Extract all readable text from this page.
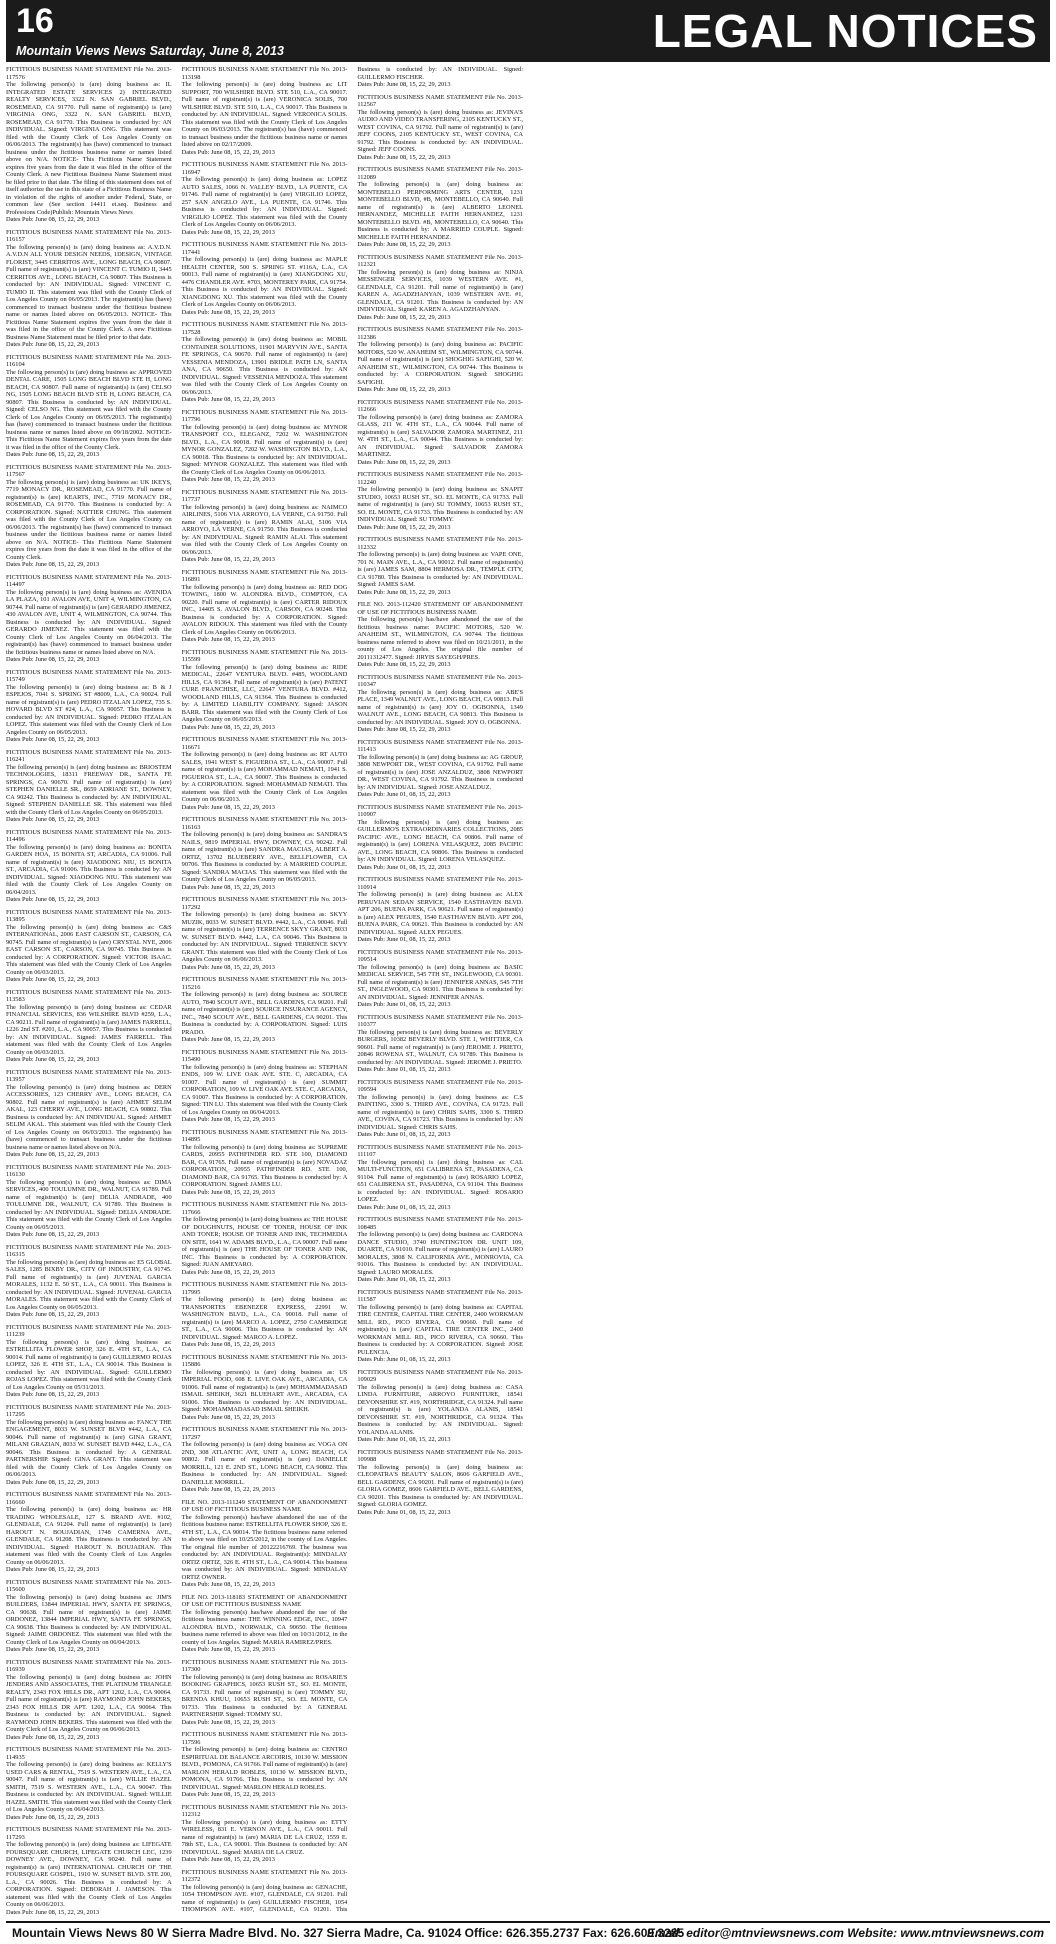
16
Mountain Views News Saturday, June 8, 2013	LEGAL NOTICES
FICTITIOUS BUSINESS NAME STATEMENT File No. 2013-117576
The following person(s) is (are) doing business as: IL INTEGRATED ESTATE SERVICES 2) INTEGRATED REALTY SERVICES, 3322 N. SAN GABRIEL BLVD., ROSEMEAD, CA 91770. Full name of registrant(s) is (are) VIRGINIA ONG, 3322 N. SAN GABRIEL BLVD, ROSEMEAD, CA 91770. This Business is conducted by: AN INDIVIDUAL. Signed: VIRGINIA ONG. This statement was filed with the County Clerk of Los Angeles County on 06/06/2013. The registrant(s) has (have) commenced to transact business under the fictitious business name or names listed above on N/A. NOTICE- This Fictitious Name Statement expires five years from the date it was filed in the office of the County Clerk. A new Fictitious Business Name Statement must be filed prior to that date. The filing of this statement does not of itself authorize the use in this state of a Fictitious Business Name in violation of the rights of another under Federal, State, or common law (See section 14411 et.seq. Business and Professions Code)Publish: Mountain Views News
Dates Pub: June 08, 15, 22, 29, 2013
FICTITIOUS BUSINESS NAME STATEMENT File No. 2013-116157
The following person(s) is (are) doing business as: A.V.D.N. A.V.D.N ALL YOUR DESIGN NEEDS, 1DESIGN, VINTAGE FLORIST, 3445 CERRITOS AVE., LONG BEACH, CA 90807. Full name of registrant(s) is (are) VINCENT C. TUMIO II, 3445 CERRITOS AVE., LONG BEACH, CA 90807. This Business is conducted by: AN INDIVIDUAL. Signed: VINCENT C. TUMIO II. This statement was filed with the County Clerk of Los Angeles County on 06/05/2013. The registrant(s) has (have) commenced to transact business under the fictitious business name or names listed above on 06/05/2013. NOTICE- This Fictitious Name Statement expires five years from the date it was filed in the office of the County Clerk. A new Fictitious Business Name Statement must be filed prior to that date.
Dates Pub: June 08, 15, 22, 29, 2013
FICTITIOUS BUSINESS NAME STATEMENT File No. 2013-116104
The following person(s) is (are) doing business as: APPROVED DENTAL CARE, 1505 LONG BEACH BLVD STE H, LONG BEACH, CA 90807. Full name of registrant(s) is (are) CELSO NG, 1505 LONG BEACH BLVD STE H, LONG BEACH, CA 90807. This Business is conducted by: AN INDIVIDUAL. Signed: CELSO NG. This statement was filed with the County Clerk of Los Angeles County on 06/05/2013. The registrant(s) has (have) commenced to transact business under the fictitious business name or names listed above on 09/18/2002. NOTICE- This Fictitious Name Statement expires five years from the date it was filed in the office of the County Clerk.
Dates Pub: June 08, 15, 22, 29, 2013
FICTITIOUS BUSINESS NAME STATEMENT File No. 2013-117567
The following person(s) is (are) doing business as: UK IKEYS, 7719 MONACY DR., ROSEMEAD, CA 91770. Full name of registrant(s) is (are) KEARTS, INC., 7719 MONACY DR., ROSEMEAD, CA 91770. This Business is conducted by: A CORPORATION. Signed: NATTIER CHUNG. This statement was filed with the County Clerk of Los Angeles County on 06/06/2013. The registrant(s) has (have) commenced to transact business under the fictitious business name or names listed above on N/A. NOTICE- This Fictitious Name Statement expires five years from the date it was filed in the office of the County Clerk.
Dates Pub: June 08, 15, 22, 29, 2013
FICTITIOUS BUSINESS NAME STATEMENT File No. 2013-114497
The following person(s) is (are) doing business as: AVENIDA LA PLAZA, 101 AVALON AVE, UNIT 4, WILMINGTON, CA 90744. Full name of registrant(s) is (are) GERARDO JIMENEZ, 430 AVALON AVE, UNIT 4, WILMINGTON, CA 90744. This Business is conducted by: AN INDIVIDUAL. Signed: GERARDO JIMENEZ. This statement was filed with the County Clerk of Los Angeles County on 06/04/2013. The registrant(s) has (have) commenced to transact business under the fictitious business name or names listed above on N/A.
Dates Pub: June 08, 15, 22, 29, 2013
FICTITIOUS BUSINESS NAME STATEMENT File No. 2013-115749
The following person(s) is (are) doing business as: B & J ESPEJOS, 7041 S. SPRING ST #8009, L.A., CA 90024. Full name of registrant(s) is (are) PEDRO ITZALAN LOPEZ, 735 S. HOVARD BLVD ST #24, L.A., CA 90057. This Business is conducted by: AN INDIVIDUAL. Signed: PEDRO ITZALAN LOPEZ. This statement was filed with the County Clerk of Los Angeles County on 06/05/2013.
Dates Pub: June 08, 15, 22, 29, 2013
FICTITIOUS BUSINESS NAME STATEMENT File No. 2013-116241
The following person(s) is (are) doing business as: BRIOSTEM TECHNOLOGIES, 18311 FREEWAY DR., SANTA FE SPRINGS, CA 90670. Full name of registrant(s) is (are) STEPHEN DANIELLE SR., 8659 ADRIANE ST., DOWNEY, CA 90242. This Business is conducted by: AN INDIVIDUAL. Signed: STEPHEN DANIELLE SR. This statement was filed with the County Clerk of Los Angeles County on 06/05/2013.
Dates Pub: June 08, 15, 22, 29, 2013
FICTITIOUS BUSINESS NAME STATEMENT File No. 2013-114496
The following person(s) is (are) doing business as: BONITA GARDEN HOA, 15 BONITA ST, ARCADIA, CA 91006. Full name of registrant(s) is (are) XIAODONG NIU, 15 BONITA ST., ARCADIA, CA 91006. This Business is conducted by: AN INDIVIDUAL. Signed: XIAODONG NIU. This statement was filed with the County Clerk of Los Angeles County on 06/04/2013.
Dates Pub: June 08, 15, 22, 29, 2013
FICTITIOUS BUSINESS NAME STATEMENT File No. 2013-113895
The following person(s) is (are) doing business as: C&S INTERNATIONAL, 2006 EAST CARSON ST., CARSON, CA 90745. Full name of registrant(s) is (are) CRYSTAL NYE, 2006 EAST CARSON ST., CARSON, CA 90745. This Business is conducted by: A CORPORATION. Signed: VICTOR ISAAC. This statement was filed with the County Clerk of Los Angeles County on 06/03/2013.
Dates Pub: June 08, 15, 22, 29, 2013
FICTITIOUS BUSINESS NAME STATEMENT File No. 2013-113583
The following person(s) is (are) doing business as: CEDAR FINANCIAL SERVICES, 836 WILSHIRE BLVD #259, L.A., CA 90211. Full name of registrant(s) is (are) JAMES FARRELL, 1226 2nd ST. #201, L.A., CA 90057. This Business is conducted by: AN INDIVIDUAL. Signed: JAMES FARRELL. This statement was filed with the County Clerk of Los Angeles County on 06/03/2013.
Dates Pub: June 08, 15, 22, 29, 2013
FICTITIOUS BUSINESS NAME STATEMENT File No. 2013-113957
The following person(s) is (are) doing business as: DERN ACCESSORIES, 123 CHERRY AVE., LONG BEACH, CA 90802. Full name of registrant(s) is (are) AHMET SELIM AKAL, 123 CHERRY AVE., LONG BEACH, CA 90802. This Business is conducted by: AN INDIVIDUAL. Signed: AHMET SELIM AKAL. This statement was filed with the County Clerk of Los Angeles County on 06/03/2013. The registrant(s) has (have) commenced to transact business under the fictitious business name or names listed above on N/A.
Dates Pub: June 08, 15, 22, 29, 2013
FICTITIOUS BUSINESS NAME STATEMENT File No. 2013-116130
The following person(s) is (are) doing business as: DIMA SERVICES, 400 TOULUMNE DR., WALNUT, CA 91789. Full name of registrant(s) is (are) DELIA ANDRADE, 400 TOULUMNE DR., WALNUT, CA 91789. This Business is conducted by: AN INDIVIDUAL. Signed: DELIA ANDRADE. This statement was filed with the County Clerk of Los Angeles County on 06/05/2013.
Dates Pub: June 08, 15, 22, 29, 2013
FICTITIOUS BUSINESS NAME STATEMENT File No. 2013-116315
The following person(s) is (are) doing business as: E5 GLOBAL SALES, 1285 BIXBY DR., CITY OF INDUSTRY, CA 91745. Full name of registrant(s) is (are) JUVENAL GARCIA MORALES, 1132 E. 50 ST., L.A., CA 90011. This Business is conducted by: AN INDIVIDUAL. Signed: JUVENAL GARCIA MORALES. This statement was filed with the County Clerk of Los Angeles County on 06/05/2013.
Dates Pub: June 08, 15, 22, 29, 2013
FICTITIOUS BUSINESS NAME STATEMENT File No. 2013-111239
The following person(s) is (are) doing business as: ESTRELLITA FLOWER SHOP, 326 E. 4TH ST., L.A., CA 90014. Full name of registrant(s) is (are) GUILLERMO ROJAS LOPEZ, 326 E. 4TH ST., L.A., CA 90014. This Business is conducted by: AN INDIVIDUAL. Signed: GUILLERMO ROJAS LOPEZ. This statement was filed with the County Clerk of Los Angeles County on 05/31/2013.
Dates Pub: June 08, 15, 22, 29, 2013
FICTITIOUS BUSINESS NAME STATEMENT File No. 2013-117295
The following person(s) is (are) doing business as: FANCY THE ENGAGEMENT, 8033 W. SUNSET BLVD #442, L.A., CA 90046. Full name of registrant(s) is (are) GINA GRANT, MILANI GRAZIAN, 8033 W. SUNSET BLVD #442, L.A., CA 90046. This Business is conducted by: A GENERAL PARTNERSHIP. Signed: GINA GRANT. This statement was filed with the County Clerk of Los Angeles County on 06/06/2013.
Dates Pub: June 08, 15, 22, 29, 2013
FICTITIOUS BUSINESS NAME STATEMENT File No. 2013-116660
The following person(s) is (are) doing business as: HR TRADING WHOLESALE, 127 S. BRAND AVE. #102, GLENDALE, CA 91204. Full name of registrant(s) is (are) HAROUT N. BOUJADIAN, 1748 CAMERNA AVE., GLENDALE, CA 91208. This Business is conducted by: AN INDIVIDUAL. Signed: HAROUT N. BOUJADIAN. This statement was filed with the County Clerk of Los Angeles County on 06/06/2013.
Dates Pub: June 08, 15, 22, 29, 2013
FICTITIOUS BUSINESS NAME STATEMENT File No. 2013-115600
The following person(s) is (are) doing business as: JIM'S BUILDERS, 13844 IMPERIAL HWY, SANTA FE SPRINGS, CA 90638. Full name of registrant(s) is (are) JAIME ORDONEZ, 13844 IMPERIAL HWY, SANTA FE SPRINGS, CA 90638. This Business is conducted by: AN INDIVIDUAL. Signed: JAIME ORDONEZ. This statement was filed with the County Clerk of Los Angeles County on 06/04/2013.
Dates Pub: June 08, 15, 22, 29, 2013
FICTITIOUS BUSINESS NAME STATEMENT File No. 2013-116939
The following person(s) is (are) doing business as: JOHN JENDERS AND ASSOCIATES, THE PLATINUM TRIANGLE REALTY, 2343 FOX HILLS DR., APT 1202, L.A., CA 90064. Full name of registrant(s) is (are) RAYMOND JOHN BEKERS, 2343 FOX HILLS DR APT. 1202, L.A., CA 90064. This Business is conducted by: AN INDIVIDUAL. Signed: RAYMOND JOHN BEKERS. This statement was filed with the County Clerk of Los Angeles County on 06/06/2013.
Dates Pub: June 08, 15, 22, 29, 2013
FICTITIOUS BUSINESS NAME STATEMENT File No. 2013-114935
The following person(s) is (are) doing business as: KELLY'S USED CARS & RENTAL, 7519 S. WESTERN AVE., L.A., CA 90047. Full name of registrant(s) is (are) WILLIE HAZEL SMITH, 7519 S. WESTERN AVE., L.A., CA 90047. This Business is conducted by: AN INDIVIDUAL. Signed: WILLIE HAZEL SMITH. This statement was filed with the County Clerk of Los Angeles County on 06/04/2013.
Dates Pub: June 08, 15, 22, 29, 2013
FICTITIOUS BUSINESS NAME STATEMENT File No. 2013-117293
The following person(s) is (are) doing business as: LIFEGATE FOURSQUARE CHURCH, LIFEGATE CHURCH LEC, 1239 DOWNEY AVE., DOWNEY, CA 90240. Full name of registrant(s) is (are) INTERNATIONAL CHURCH OF THE FOURSQUARE GOSPEL, 1910 W. SUNSET BLVD. STE 200, L.A., CA 90026. This Business is conducted by: A CORPORATION. Signed: DEBORAH J. JAMESON. This statement was filed with the County Clerk of Los Angeles County on 06/06/2013.
Dates Pub: June 08, 15, 22, 29, 2013
FICTITIOUS BUSINESS NAME STATEMENT File No. 2013-113198
The following person(s) is (are) doing business as: LIT SUPPORT, 700 WILSHIRE BLVD. STE 510, L.A., CA 90017. Full name of registrant(s) is (are) VERONICA SOLIS, 700 WILSHIRE BLVD. STE 510, L.A., CA 90017. This Business is conducted by: AN INDIVIDUAL. Signed: VERONICA SOLIS. This statement was filed with the County Clerk of Los Angeles County on 06/03/2013. The registrant(s) has (have) commenced to transact business under the fictitious business name or names listed above on 02/17/2009.
Dates Pub: June 08, 15, 22, 29, 2013
FICTITIOUS BUSINESS NAME STATEMENT File No. 2013-116947
The following person(s) is (are) doing business as: LOPEZ AUTO SALES, 1066 N. VALLEY BLVD., LA PUENTE, CA 91746. Full name of registrant(s) is (are) VIRGILIO LOPEZ, 257 SAN ANGELO AVE., LA PUENTE, CA 91746. This Business is conducted by: AN INDIVIDUAL. Signed: VIRGILIO LOPEZ. This statement was filed with the County Clerk of Los Angeles County on 06/06/2013.
Dates Pub: June 08, 15, 22, 29, 2013
FICTITIOUS BUSINESS NAME STATEMENT File No. 2013-117441
The following person(s) is (are) doing business as: MAPLE HEALTH CENTER, 500 S. SPRING ST. #116A, L.A., CA 90013. Full name of registrant(s) is (are) XIANGDONG XU, 4476 CHANDLER AVE. #703, MONTEREY PARK, CA 91754. This Business is conducted by: AN INDIVIDUAL. Signed: XIANGDONG XU. This statement was filed with the County Clerk of Los Angeles County on 06/06/2013.
Dates Pub: June 08, 15, 22, 29, 2013
FICTITIOUS BUSINESS NAME STATEMENT File No. 2013-117528
The following person(s) is (are) doing business as: MOBIL CONTAINER SOLUTIONS, 11901 MARYVIN AVE., SANTA FE SPRINGS, CA 90670. Full name of registrant(s) is (are) VESSENIA MENDOZA, 13901 BRIDLE PATH LN, SANTA ANA, CA 90650. This Business is conducted by: AN INDIVIDUAL. Signed: VESSENIA MENDOZA. This statement was filed with the County Clerk of Los Angeles County on 06/06/2013.
Dates Pub: June 08, 15, 22, 29, 2013
FICTITIOUS BUSINESS NAME STATEMENT File No. 2013-117796
The following person(s) is (are) doing business as: MYNOR TRANSPORT CO., ELEGANZ, 7202 W. WASHINGTON BLVD., L.A., CA 90018. Full name of registrant(s) is (are) MYNOR GONZALEZ, 7202 W. WASHINGTON BLVD., L.A., CA 90018. This Business is conducted by: AN INDIVIDUAL. Signed: MYNOR GONZALEZ. This statement was filed with the County Clerk of Los Angeles County on 06/06/2013.
Dates Pub: June 08, 15, 22, 29, 2013
FICTITIOUS BUSINESS NAME STATEMENT File No. 2013-117737
The following person(s) is (are) doing business as: NAIMCO AIRLINES, 5106 VIA ARROYO, LA VERNE, CA 91750. Full name of registrant(s) is (are) RAMIN ALAI, 5106 VIA ARROYO, LA VERNE, CA 91750. This Business is conducted by: AN INDIVIDUAL. Signed: RAMIN ALAI. This statement was filed with the County Clerk of Los Angeles County on 06/06/2013.
Dates Pub: June 08, 15, 22, 29, 2013
FICTITIOUS BUSINESS NAME STATEMENT File No. 2013-116891
The following person(s) is (are) doing business as: RED DOG TOWING, 1800 W. ALONDRA BLVD., COMPTON, CA 90220. Full name of registrant(s) is (are) CARTER RIDOUX INC., 14405 S. AVALON BLVD., CARSON, CA 90248. This Business is conducted by: A CORPORATION. Signed: AVALON RIDOUX. This statement was filed with the County Clerk of Los Angeles County on 06/06/2013.
Dates Pub: June 08, 15, 22, 29, 2013
FICTITIOUS BUSINESS NAME STATEMENT File No. 2013-115599
The following person(s) is (are) doing business as: RIDE MEDICAL, 22647 VENTURA BLVD. #485, WOODLAND HILLS, CA 91364. Full name of registrant(s) is (are) PATENT CURE FRANCHISE, LLC, 22647 VENTURA BLVD. #412, WOODLAND HILLS, CA 91364. This Business is conducted by: A LIMITED LIABILITY COMPANY. Signed: JASON BARR. This statement was filed with the County Clerk of Los Angeles County on 06/05/2013.
Dates Pub: June 08, 15, 22, 29, 2013
FICTITIOUS BUSINESS NAME STATEMENT File No. 2013-116671
The following person(s) is (are) doing business as: RT AUTO SALES, 1941 WEST S. FIGUEROA ST., L.A., CA 90007. Full name of registrant(s) is (are) MOHAMMAD NEMATI, 1941 S. FIGUEROA ST., L.A., CA 90007. This Business is conducted by: A CORPORATION. Signed: MOHAMMAD NEMATI. This statement was filed with the County Clerk of Los Angeles County on 06/06/2013.
Dates Pub: June 08, 15, 22, 29, 2013
FICTITIOUS BUSINESS NAME STATEMENT File No. 2013-116163
The following person(s) is (are) doing business as: SANDRA'S NAILS, 9819 IMPERIAL HWY, DOWNEY, CA 90242. Full name of registrant(s) is (are) SANDRA MACIAS, ALBERT A. ORTIZ, 13702 BLUEBERRY AVE., BELLFLOWER, CA 90706. This Business is conducted by: A MARRIED COUPLE. Signed: SANDRA MACIAS. This statement was filed with the County Clerk of Los Angeles County on 06/05/2013.
Dates Pub: June 08, 15, 22, 29, 2013
FICTITIOUS BUSINESS NAME STATEMENT File No. 2013-117292
The following person(s) is (are) doing business as: SKYY MUZIK, 8033 W. SUNSET BLVD. #442, L.A., CA 90046. Full name of registrant(s) is (are) TERRENCE SKYY GRANT, 8033 W. SUNSET BLVD. #442, L.A., CA 90046. This Business is conducted by: AN INDIVIDUAL. Signed: TERRENCE SKYY GRANT. This statement was filed with the County Clerk of Los Angeles County on 06/06/2013.
Dates Pub: June 08, 15, 22, 29, 2013
FICTITIOUS BUSINESS NAME STATEMENT File No. 2013-115216
The following person(s) is (are) doing business as: SOURCE AUTO, 7840 SCOUT AVE., BELL GARDENS, CA 90201. Full name of registrant(s) is (are) SOURCE INSURANCE AGENCY, INC., 7840 SCOUT AVE., BELL GARDENS, CA 90201. This Business is conducted by: A CORPORATION. Signed: LUIS PRADO.
Dates Pub: June 08, 15, 22, 29, 2013
FICTITIOUS BUSINESS NAME STATEMENT File No. 2013-115490
The following person(s) is (are) doing business as: STEPHAN ENDS, 109 W. LIVE OAK AVE. STE. C, ARCADIA, CA 91007. Full name of registrant(s) is (are) SUMMIT CORPORATION, 109 W. LIVE OAK AVE. STE. C, ARCADIA, CA 91007. This Business is conducted by: A CORPORATION. Signed: TIN LU. This statement was filed with the County Clerk of Los Angeles County on 06/04/2013.
Dates Pub: June 08, 15, 22, 29, 2013
FICTITIOUS BUSINESS NAME STATEMENT File No. 2013-114895
The following person(s) is (are) doing business as: SUPREME CARDS, 20955 PATHFINDER RD. STE 100, DIAMOND BAR, CA 91765. Full name of registrant(s) is (are) NOVADAZ CORPORATION, 20955 PATHFINDER RD. STE 100, DIAMOND BAR, CA 91765. This Business is conducted by: A CORPORATION. Signed: JAMES LU.
Dates Pub: June 08, 15, 22, 29, 2013
FICTITIOUS BUSINESS NAME STATEMENT File No. 2013-117666
The following person(s) is (are) doing business as: THE HOUSE OF DOUGHNUTS, HOUSE OF TONER, HOUSE OF INK AND TONER; HOUSE OF TONER AND INK, TECHMEDIA ON SITE, 1641 W. ADAMS BLVD., L.A., CA 90007. Full name of registrant(s) is (are) THE HOUSE OF TONER AND INK, INC. This Business is conducted by: A CORPORATION. Signed: JUAN AMEYARO.
Dates Pub: June 08, 15, 22, 29, 2013
FICTITIOUS BUSINESS NAME STATEMENT File No. 2013-117995
The following person(s) is (are) doing business as: TRANSPORTES EBENEZER EXPRESS, 22991 W. WASHINGTON BLVD., L.A., CA 90018. Full name of registrant(s) is (are) MARCO A. LOPEZ, 2750 CAMBRIDGE ST., L.A., CA 90006. This Business is conducted by: AN INDIVIDUAL. Signed: MARCO A. LOPEZ.
Dates Pub: June 08, 15, 22, 29, 2013
FICTITIOUS BUSINESS NAME STATEMENT File No. 2013-115886
The following person(s) is (are) doing business as: US IMPERIAL FOOD, 608 E. LIVE OAK AVE., ARCADIA, CA 91006. Full name of registrant(s) is (are) MOHAMMADASAD ISMAIL SHEIKH, 3621 BLUEHART AVE., ARCADIA, CA 91006. This Business is conducted by: AN INDIVIDUAL. Signed: MOHAMMADASAD ISMAIL SHEIKH.
Dates Pub: June 08, 15, 22, 29, 2013
FICTITIOUS BUSINESS NAME STATEMENT File No. 2013-117297
The following person(s) is (are) doing business as: VOGA ON 2ND, 308 ATLANTIC AVE, UNIT A, LONG BEACH, CA 90802. Full name of registrant(s) is (are) DANIELLE MORRILL, 121 E. 2ND ST., LONG BEACH, CA 90802. This Business is conducted by: AN INDIVIDUAL. Signed: DANIELLE MORRILL.
Dates Pub: June 08, 15, 22, 29, 2013
FILE NO. 2013-111249 STATEMENT OF ABANDONMENT OF USE OF FICTITIOUS BUSINESS NAME
The following person(s) has/have abandoned the use of the fictitious business name: ESTRELLITA FLOWER SHOP, 326 E. 4TH ST., L.A., CA 90014. The fictitious business name referred to above was filed on 10/25/2012, in the county of Los Angeles. The original file number of 20122216769. The business was conducted by: AN INDIVIDUAL. Registrant(s): MINDALAY ORTIZ ORTIZ, 326 E. 4TH ST., L.A., CA 90014. This business was conducted by: AN INDIVIDUAL. Signed: MINDALAY ORTIZ OWNER.
Dates Pub: June 08, 15, 22, 29, 2013
FILE NO. 2013-118183 STATEMENT OF ABANDONMENT OF USE OF FICTITIOUS BUSINESS NAME
The following person(s) has/have abandoned the use of the fictitious business name: THE WINNING EDGE, INC., 10947 ALONDRA BLVD., NORWALK, CA 90650. The fictitious business name referred to above was filed on 10/31/2012, in the county of Los Angeles. Signed: MARIA RAMIREZ/PRES.
Dates Pub: June 08, 15, 22, 29, 2013
FICTITIOUS BUSINESS NAME STATEMENT File No. 2013-117300
The following person(s) is (are) doing business as: ROSARIE'S BOOKING GRAPHICS, 10653 RUSH ST., SO. EL MONTE, CA 91733. Full name of registrant(s) is (are) TOMMY SU, BRENDA KHUU, 10653 RUSH ST., SO. EL MONTE, CA 91733. This Business is conducted by: A GENERAL PARTNERSHIP. Signed: TOMMY SU.
Dates Pub: June 08, 15, 22, 29, 2013
FICTITIOUS BUSINESS NAME STATEMENT File No. 2013-117596
The following person(s) is (are) doing business as: CENTRO ESPIRITUAL DE BALANCE ARCOIRIS, 10130 W. MISSION BLVD., POMONA, CA 91766. Full name of registrant(s) is (are) MARLON HERALD ROBLES, 10130 W. MISSION BLVD., POMONA, CA 91766. This Business is conducted by: AN INDIVIDUAL. Signed: MARLON HERALD ROBLES.
Dates Pub: June 08, 15, 22, 29, 2013
FICTITIOUS BUSINESS NAME STATEMENT File No. 2013-112312
The following person(s) is (are) doing business as: ETTY WIRELESS, 831 E. VERNON AVE., L.A., CA 90011. Full name of registrant(s) is (are) MARIA DE LA CRUZ, 1559 E. 78th ST., L.A., CA 90001. This Business is conducted by: AN INDIVIDUAL. Signed: MARIA DE LA CRUZ.
Dates Pub: June 08, 15, 22, 29, 2013
FICTITIOUS BUSINESS NAME STATEMENT File No. 2013-112372
The following person(s) is (are) doing business as: GENACHE, 1054 THOMPSON AVE. #107, GLENDALE, CA 91201. Full name of registrant(s) is (are) GUILLERMO FISCHER, 1054 THOMPSON AVE. #107, GLENDALE, CA 91201. This Business is conducted by: AN INDIVIDUAL. Signed: GUILLERMO FISCHER.
Dates Pub: June 08, 15, 22, 29, 2013
FICTITIOUS BUSINESS NAME STATEMENT File No. 2013-112567
The following person(s) is (are) doing business as: JEVINA'S AUDIO AND VIDEO TRANSFERING, 2105 KENTUCKY ST., WEST COVINA, CA 91792. Full name of registrant(s) is (are) JEFF COONS, 2105 KENTUCKY ST., WEST COVINA, CA 91792. This Business is conducted by: AN INDIVIDUAL. Signed: JEFF COONS.
Dates Pub: June 08, 15, 22, 29, 2013
FICTITIOUS BUSINESS NAME STATEMENT File No. 2013-112089
The following person(s) is (are) doing business as: MONTEBELLO PERFORMING ARTS CENTER, 1231 MONTEBELLO BLVD, #B, MONTEBELLO, CA 90640. Full name of registrant(s) is (are) ALBERTO LEONEL HERNANDEZ, MICHELLE FAITH HERNANDEZ, 1231 MONTEBELLO BLVD. #B, MONTEBELLO, CA 90640. This Business is conducted by: A MARRIED COUPLE. Signed: MICHELLE FAITH HERNANDEZ.
Dates Pub: June 08, 15, 22, 29, 2013
FICTITIOUS BUSINESS NAME STATEMENT File No. 2013-112321
The following person(s) is (are) doing business as: NINJA MESSENGER SERVICES, 1039 WESTERN AVE. #1, GLENDALE, CA 91201. Full name of registrant(s) is (are) KAREN A. AGADZHANYAN, 1039 WESTERN AVE. #1, GLENDALE, CA 91201. This Business is conducted by: AN INDIVIDUAL. Signed: KAREN A. AGADZHANYAN.
Dates Pub: June 08, 15, 22, 29, 2013
FICTITIOUS BUSINESS NAME STATEMENT File No. 2013-112386
The following person(s) is (are) doing business as: PACIFIC MOTORS, 520 W. ANAHEIM ST., WILMINGTON, CA 90744. Full name of registrant(s) is (are) SHOGHIG SAFIGHI, 520 W. ANAHEIM ST., WILMINGTON, CA 90744. This Business is conducted by: A CORPORATION. Signed: SHOGHIG SAFIGHI.
Dates Pub: June 08, 15, 22, 29, 2013
FICTITIOUS BUSINESS NAME STATEMENT File No. 2013-112666
The following person(s) is (are) doing business as: ZAMORA GLASS, 211 W. 4TH ST., L.A., CA 90044. Full name of registrant(s) is (are) SALVADOR ZAMORA MARTINEZ, 211 W. 4TH ST., L.A., CA 90044. This Business is conducted by: AN INDIVIDUAL. Signed: SALVADOR ZAMORA MARTINEZ.
Dates Pub: June 08, 15, 22, 29, 2013
FICTITIOUS BUSINESS NAME STATEMENT File No. 2013-112240
The following person(s) is (are) doing business as: SNAPIT STUDIO, 10653 RUSH ST., SO. EL MONTE, CA 91733. Full name of registrant(s) is (are) SU TOMMY, 10653 RUSH ST., SO. EL MONTE, CA 91733. This Business is conducted by: AN INDIVIDUAL. Signed: SU TOMMY.
Dates Pub: June 08, 15, 22, 29, 2013
FICTITIOUS BUSINESS NAME STATEMENT File No. 2013-112332
The following person(s) is (are) doing business as: VAPE ONE, 701 N. MAIN AVE., L.A., CA 90012. Full name of registrant(s) is (are) JAMES SAM, 8804 HERMOSA DR., TEMPLE CITY, CA 91780. This Business is conducted by: AN INDIVIDUAL. Signed: JAMES SAM.
Dates Pub: June 08, 15, 22, 29, 2013
FILE NO. 2013-112420 STATEMENT OF ABANDONMENT OF USE OF FICTITIOUS BUSINESS NAME
The following person(s) has/have abandoned the use of the fictitious business name: PACIFIC MOTORS, 520 W. ANAHEIM ST., WILMINGTON, CA 90744. The fictitious business name referred to above was filed on 10/21/2011, in the county of Los Angeles. The original file number of 20111312477. Signed: JIRYIS SAYEGH/PRES.
Dates Pub: June 08, 15, 22, 29, 2013
FICTITIOUS BUSINESS NAME STATEMENT File No. 2013-110347
The following person(s) is (are) doing business as: ABE'S PLACE, 1349 WALNUT AVE., LONG BEACH, CA 90813. Full name of registrant(s) is (are) JOY O. OGBONNA, 1349 WALNUT AVE., LONG BEACH, CA 90813. This Business is conducted by: AN INDIVIDUAL. Signed: JOY O. OGBONNA.
Dates Pub: June 08, 15, 22, 29, 2013
FICTITIOUS BUSINESS NAME STATEMENT File No. 2013-111413
The following person(s) is (are) doing business as: AG GROUP, 3808 NEWPORT DR., WEST COVINA, CA 91792. Full name of registrant(s) is (are) JOSE ANZALDUZ, 3808 NEWPORT DR., WEST COVINA, CA 91792. This Business is conducted by: AN INDIVIDUAL. Signed: JOSE ANZALDUZ.
Dates Pub: June 01, 08, 15, 22, 2013
FICTITIOUS BUSINESS NAME STATEMENT File No. 2013-110907
The following person(s) is (are) doing business as: GUILLERMO'S EXTRAORDINARIES COLLECTIONS, 2085 PACIFIC AVE., LONG BEACH, CA 90806. Full name of registrant(s) is (are) LORENA VELASQUEZ, 2085 PACIFIC AVE., LONG BEACH, CA 90806. This Business is conducted by: AN INDIVIDUAL. Signed: LORENA VELASQUEZ.
Dates Pub: June 01, 08, 15, 22, 2013
FICTITIOUS BUSINESS NAME STATEMENT File No. 2013-110914
The following person(s) is (are) doing business as: ALEX PERUVIAN SEDAN SERVICE, 1540 EASTHAVEN BLVD. APT 206, BUENA PARK, CA 90621. Full name of registrant(s) is (are) ALEX PEGUES, 1540 EASTHAVEN BLVD. APT 206, BUENA PARK, CA 90621. This Business is conducted by: AN INDIVIDUAL. Signed: ALEX PEGUES.
Dates Pub: June 01, 08, 15, 22, 2013
FICTITIOUS BUSINESS NAME STATEMENT File No. 2013-109514
The following person(s) is (are) doing business as: BASIC MEDICAL SERVICE, 545 7TH ST., INGLEWOOD, CA 90301. Full name of registrant(s) is (are) JENNIFER ANNAS, 545 7TH ST., INGLEWOOD, CA 90301. This Business is conducted by: AN INDIVIDUAL. Signed: JENNIFER ANNAS.
Dates Pub: June 01, 08, 15, 22, 2013
FICTITIOUS BUSINESS NAME STATEMENT File No. 2013-110377
The following person(s) is (are) doing business as: BEVERLY BURGERS, 10382 BEVERLY BLVD. STE 1, WHITTIER, CA 90601. Full name of registrant(s) is (are) JEROME J. PRIETO, 20846 ROWENA ST., WALNUT, CA 91789. This Business is conducted by: AN INDIVIDUAL. Signed: JEROME J. PRIETO.
Dates Pub: June 01, 08, 15, 22, 2013
FICTITIOUS BUSINESS NAME STATEMENT File No. 2013-109594
The following person(s) is (are) doing business as: C.S PAINTING, 3300 S. THIRD AVE., COVINA, CA 91723. Full name of registrant(s) is (are) CHRIS SAHS, 3300 S. THIRD AVE., COVINA, CA 91723. This Business is conducted by: AN INDIVIDUAL. Signed: CHRIS SAHS.
Dates Pub: June 01, 08, 15, 22, 2013
FICTITIOUS BUSINESS NAME STATEMENT File No. 2013-111107
The following person(s) is (are) doing business as: CAL MULTI-FUNCTION, 651 CALIBRENA ST., PASADENA, CA 91104. Full name of registrant(s) is (are) ROSARIO LOPEZ, 651 CALIBRENA ST., PASADENA, CA 91104. This Business is conducted by: AN INDIVIDUAL. Signed: ROSARIO LOPEZ.
Dates Pub: June 01, 08, 15, 22, 2013
FICTITIOUS BUSINESS NAME STATEMENT File No. 2013-108485
The following person(s) is (are) doing business as: CARDONA DANCE STUDIO, 3740 HUNTINGTON DR. UNIT 109, DUARTE, CA 91010. Full name of registrant(s) is (are) LAURO MORALES, 3808 N. CALIFORNIA AVE., MONROVIA, CA 91016. This Business is conducted by: AN INDIVIDUAL. Signed: LAURO MORALES.
Dates Pub: June 01, 08, 15, 22, 2013
FICTITIOUS BUSINESS NAME STATEMENT File No. 2013-111587
The following person(s) is (are) doing business as: CAPITAL TIRE CENTER, CAPITAL TIRE CENTER, 2400 WORKMAN MILL RD., PICO RIVERA, CA 90660. Full name of registrant(s) is (are) CAPITAL TIRE CENTER INC., 2400 WORKMAN MILL RD., PICO RIVERA, CA 90660. This Business is conducted by: A CORPORATION. Signed: JOSE PULENCIA.
Dates Pub: June 01, 08, 15, 22, 2013
FICTITIOUS BUSINESS NAME STATEMENT File No. 2013-109029
The following person(s) is (are) doing business as: CASA LINDA FURNITURE, ARROYO FURNITURE, 18541 DEVONSHIRE ST. #19, NORTHRIDGE, CA 91324. Full name of registrant(s) is (are) YOLANDA ALANIS, 18541 DEVONSHIRE ST. #19, NORTHRIDGE, CA 91324. This Business is conducted by: AN INDIVIDUAL. Signed: YOLANDA ALANIS.
Dates Pub: June 01, 08, 15, 22, 2013
FICTITIOUS BUSINESS NAME STATEMENT File No. 2013-109988
The following person(s) is (are) doing business as: CLEOPATRA'S BEAUTY SALON, 8606 GARFIELD AVE., BELL GARDENS, CA 90201. Full name of registrant(s) is (are) GLORIA GOMEZ, 8606 GARFIELD AVE., BELL GARDENS, CA 90201. This Business is conducted by: AN INDIVIDUAL. Signed: GLORIA GOMEZ.
Dates Pub: June 01, 08, 15, 22, 2013
Mountain Views News 80 W Sierra Madre Blvd. No. 327 Sierra Madre, Ca. 91024 Office: 626.355.2737 Fax: 626.609.3285
Email: editor@mtnviewsnews.com Website: www.mtnviewsnews.com
